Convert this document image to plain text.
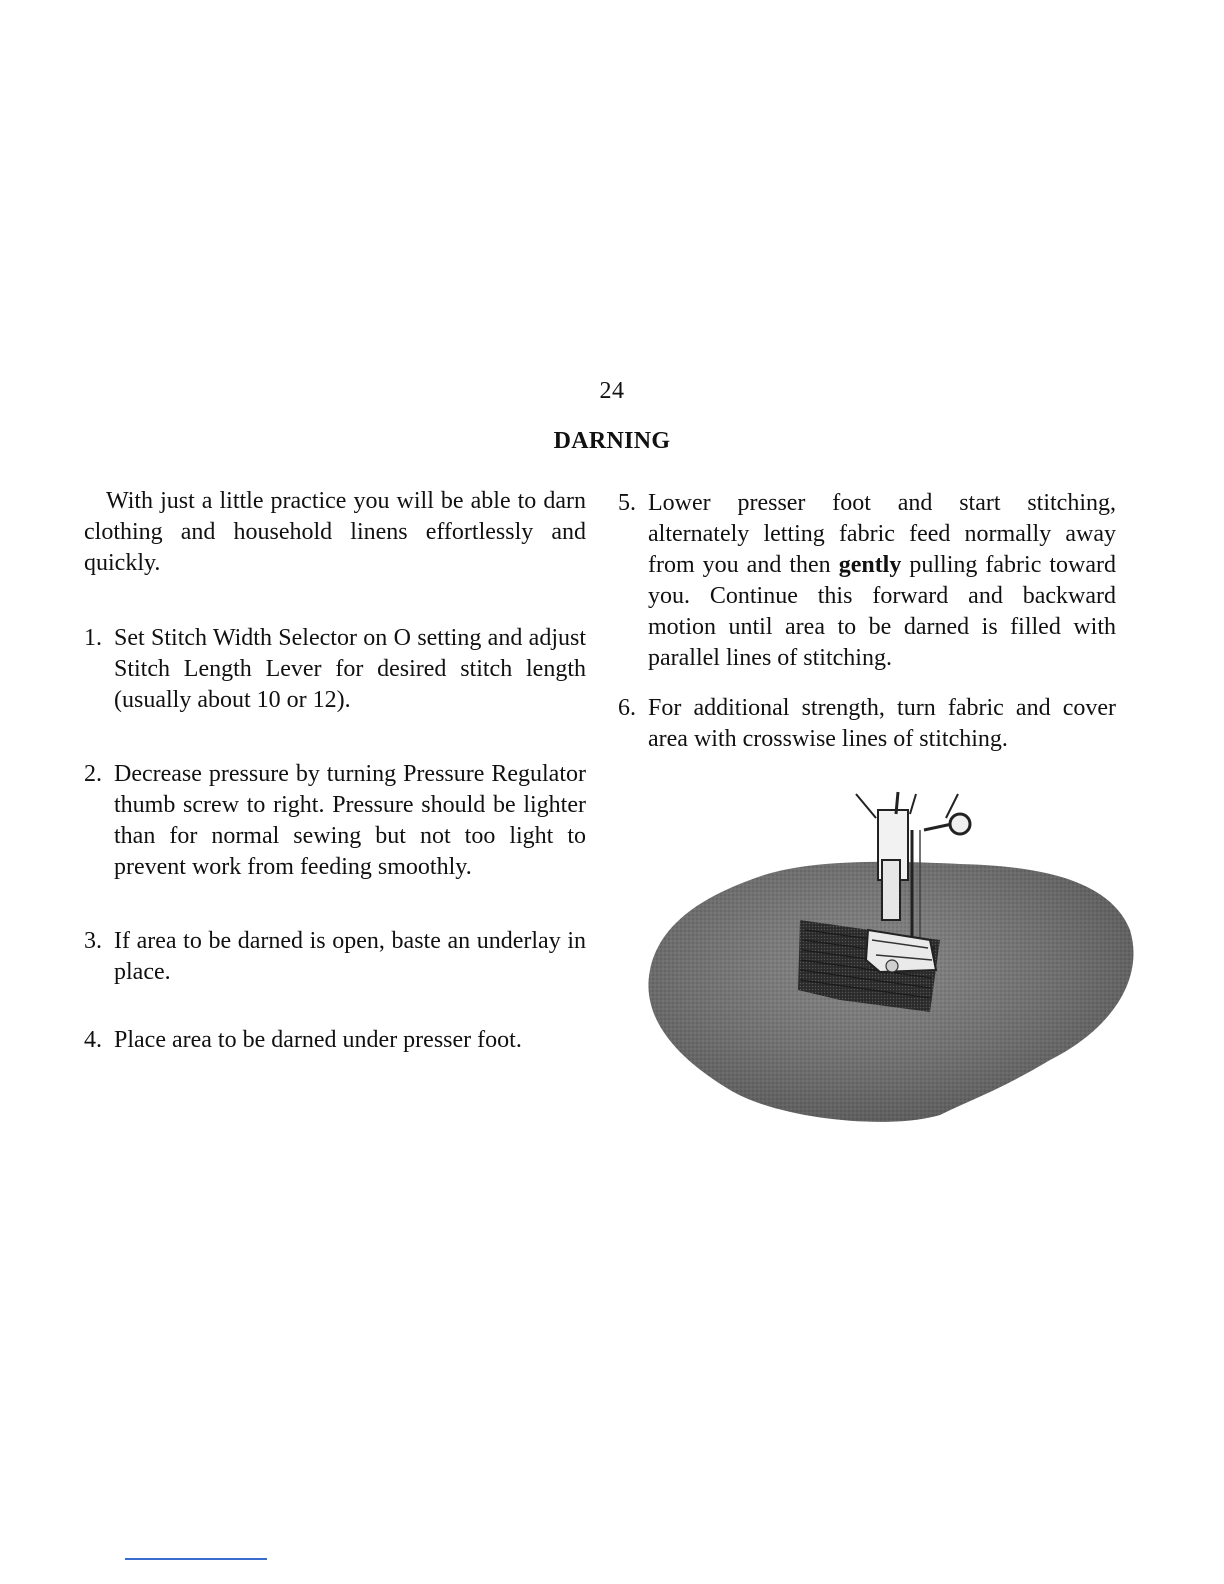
24
DARNING

With just a little practice you will be able to darn clothing and household linens effortlessly and quickly.

1. Set Stitch Width Selector on O setting and adjust Stitch Length Lever for desired stitch length (usually about 10 or 12).
2. Decrease pressure by turning Pressure Regulator thumb screw to right. Pressure should be lighter than for normal sewing but not too light to prevent work from feeding smoothly.
3. If area to be darned is open, baste an underlay in place.
4. Place area to be darned under presser foot.
5. Lower presser foot and start stitching, alternately letting fabric feed normally away from you and then gently pulling fabric toward you. Continue this forward and backward motion until area to be darned is filled with parallel lines of stitching.
6. For additional strength, turn fabric and cover area with crosswise lines of stitching.
